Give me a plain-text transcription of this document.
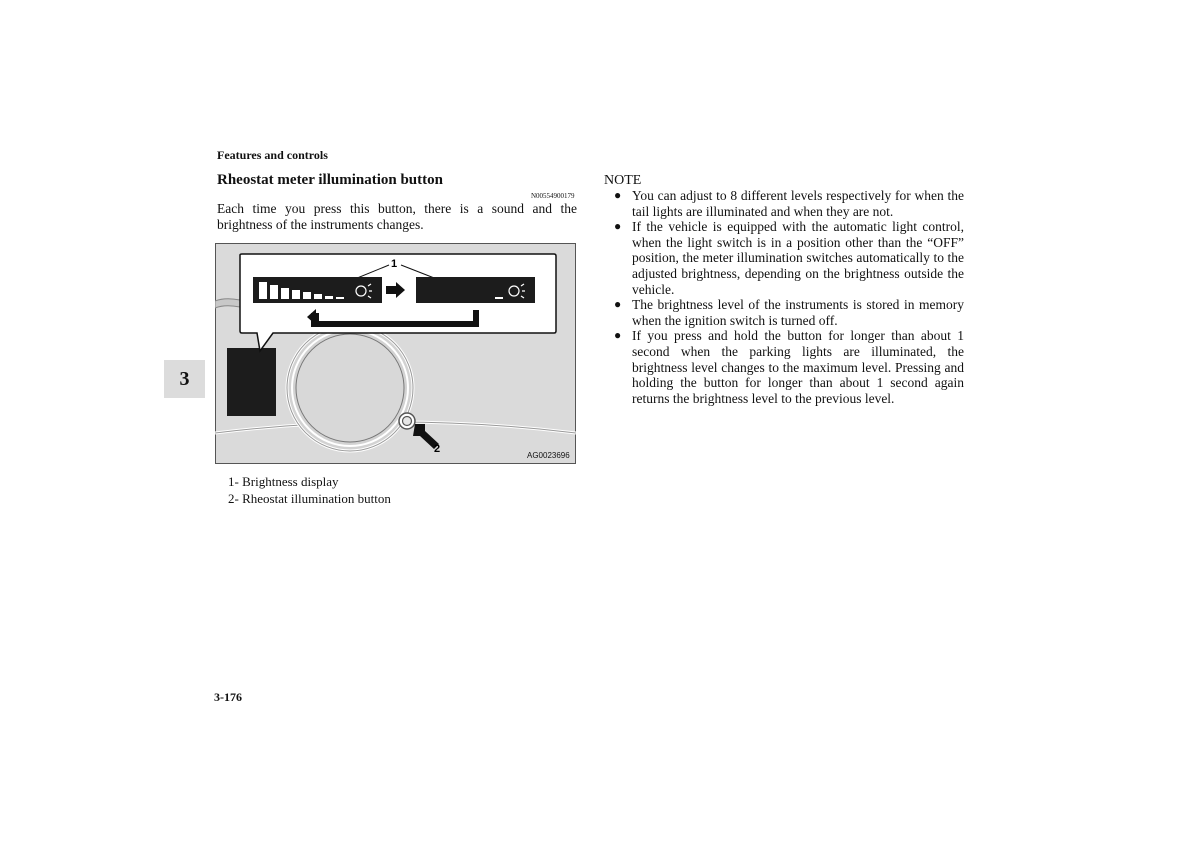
Features and controls
3
Rheostat meter illumination button
N00554900179
Each time you press this button, there is a sound and the brightness of the instruments changes.
2
1
AG0023696
1- Brightness display
2- Rheostat illumination button
NOTE
● You can adjust to 8 different levels respectively for when the tail lights are illuminated and when they are not.
● If the vehicle is equipped with the automatic light control, when the light switch is in a position other than the “OFF” position, the meter illumination switches automatically to the adjusted brightness, depending on the brightness outside the vehicle.
● The brightness level of the instruments is stored in memory when the ignition switch is turned off.
● If you press and hold the button for longer than about 1 second when the parking lights are illuminated, the brightness level changes to the maximum level. Pressing and holding the button for longer than about 1 second again returns the brightness level to the previous level.
3-176
